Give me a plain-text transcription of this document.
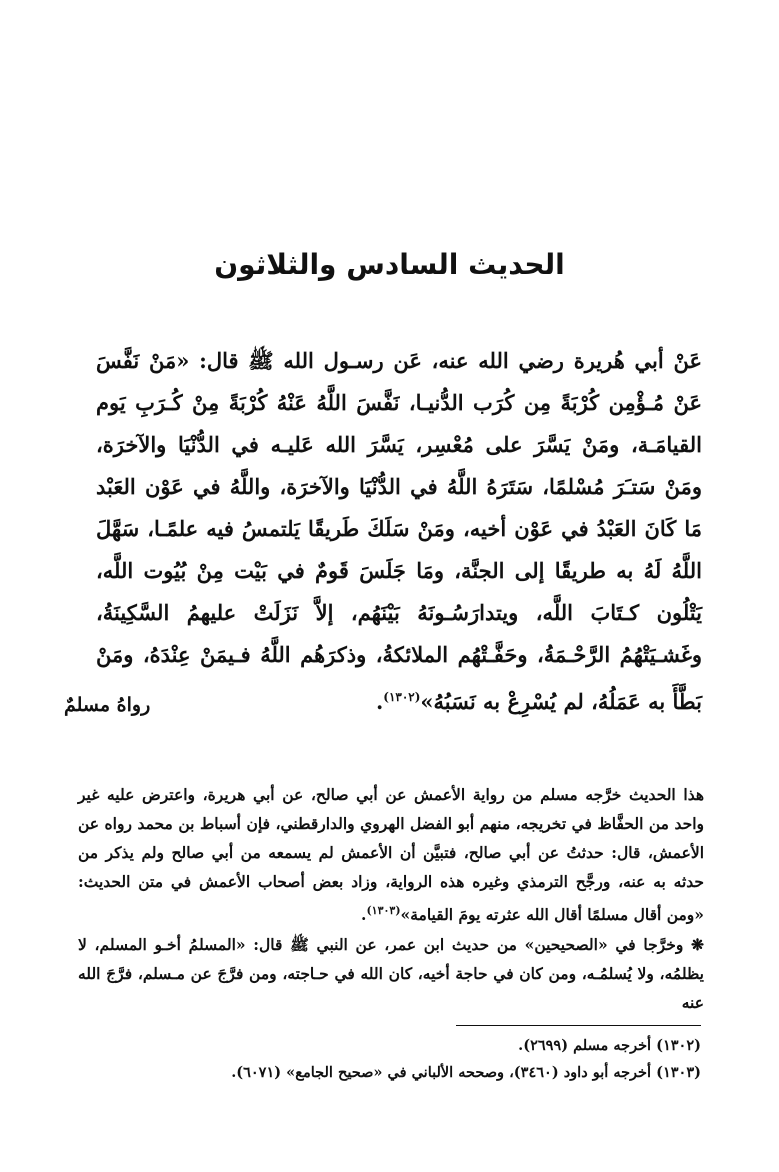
الحديث السادس والثلاثون

عَنْ أبي هُريرة رضي الله عنه، عَن رسـول الله ﷺ قال: «مَنْ نَفَّسَ عَنْ مُـؤْمِن كُرْبَةً مِن كُرَب الدُّنيـا، نَفَّسَ اللَّهُ عَنْهُ كُرْبَةً مِنْ كُـرَبِ يَوم القيامَـة، ومَنْ يَسَّرَ على مُعْسِر، يَسَّرَ الله عَليـه في الدُّنْيَا والآخرَة، ومَنْ سَتـَرَ مُسْلمًا، سَتَرَهُ اللَّهُ في الدُّنْيَا والآخرَة، واللَّهُ في عَوْن العَبْد مَا كَانَ العَبْدُ في عَوْن أخيه، ومَنْ سَلَكَ طَريقًا يَلتمسُ فيه علمًـا، سَهَّلَ اللَّهُ لَهُ به طريقًا إلى الجنَّة، ومَا جَلَسَ قَومٌ في بَيْت مِنْ بُيُوت اللَّه، يَتْلُون كـتَابَ اللَّه، ويتدارَسُـونَهُ بَيْنَهُم، إلاَّ نَزَلَتْ عليهمُ السَّكِينَةُ، وغَشـيَتْهُمُ الرَّحْـمَةُ، وحَفَّـتْهُم الملائكةُ، وذكرَهُم اللَّهُ فـيمَنْ عِنْدَهُ، ومَنْ بَطَّأَ به عَمَلُهُ، لم يُسْرِعْ به نَسَبُهُ»$^{(١٣٠٢)}$.

رواهُ مسلمٌ

هذا الحديث خرَّجه مسلم من رواية الأعمش عن أبي صالح، عن أبي هريرة، واعترض عليه غير واحد من الحفَّاظ في تخريجه، منهم أبو الفضل الهروي والدارقطني، فإن أسباط بن محمد رواه عن الأعمش، قال: حدثتُ عن أبي صالح، فتبيَّن أن الأعمش لم يسمعه من أبي صالح ولم يذكر من حدثه به عنه، ورجَّح الترمذي وغيره هذه الرواية، وزاد بعض أصحاب الأعمش في متن الحديث: «ومن أقال مسلمًا أقال الله عثرته يومَ القيامة»$^{(١٣٠٣)}$.

❋ وخرَّجا في «الصحيحين» من حديث ابن عمر، عن النبي ﷺ قال: «المسلمُ أخـو المسلم، لا يظلمُه، ولا يُسلمُـه، ومن كان في حاجة أخيه، كان الله في حـاجته، ومن فرَّجَ عن مـسلم، فرَّجَ الله عنه

(١٣٠٢) أخرجه مسلم (٢٦٩٩).
(١٣٠٣) أخرجه أبو داود (٣٤٦٠)، وصححه الألباني في «صحيح الجامع» (٦٠٧١).
